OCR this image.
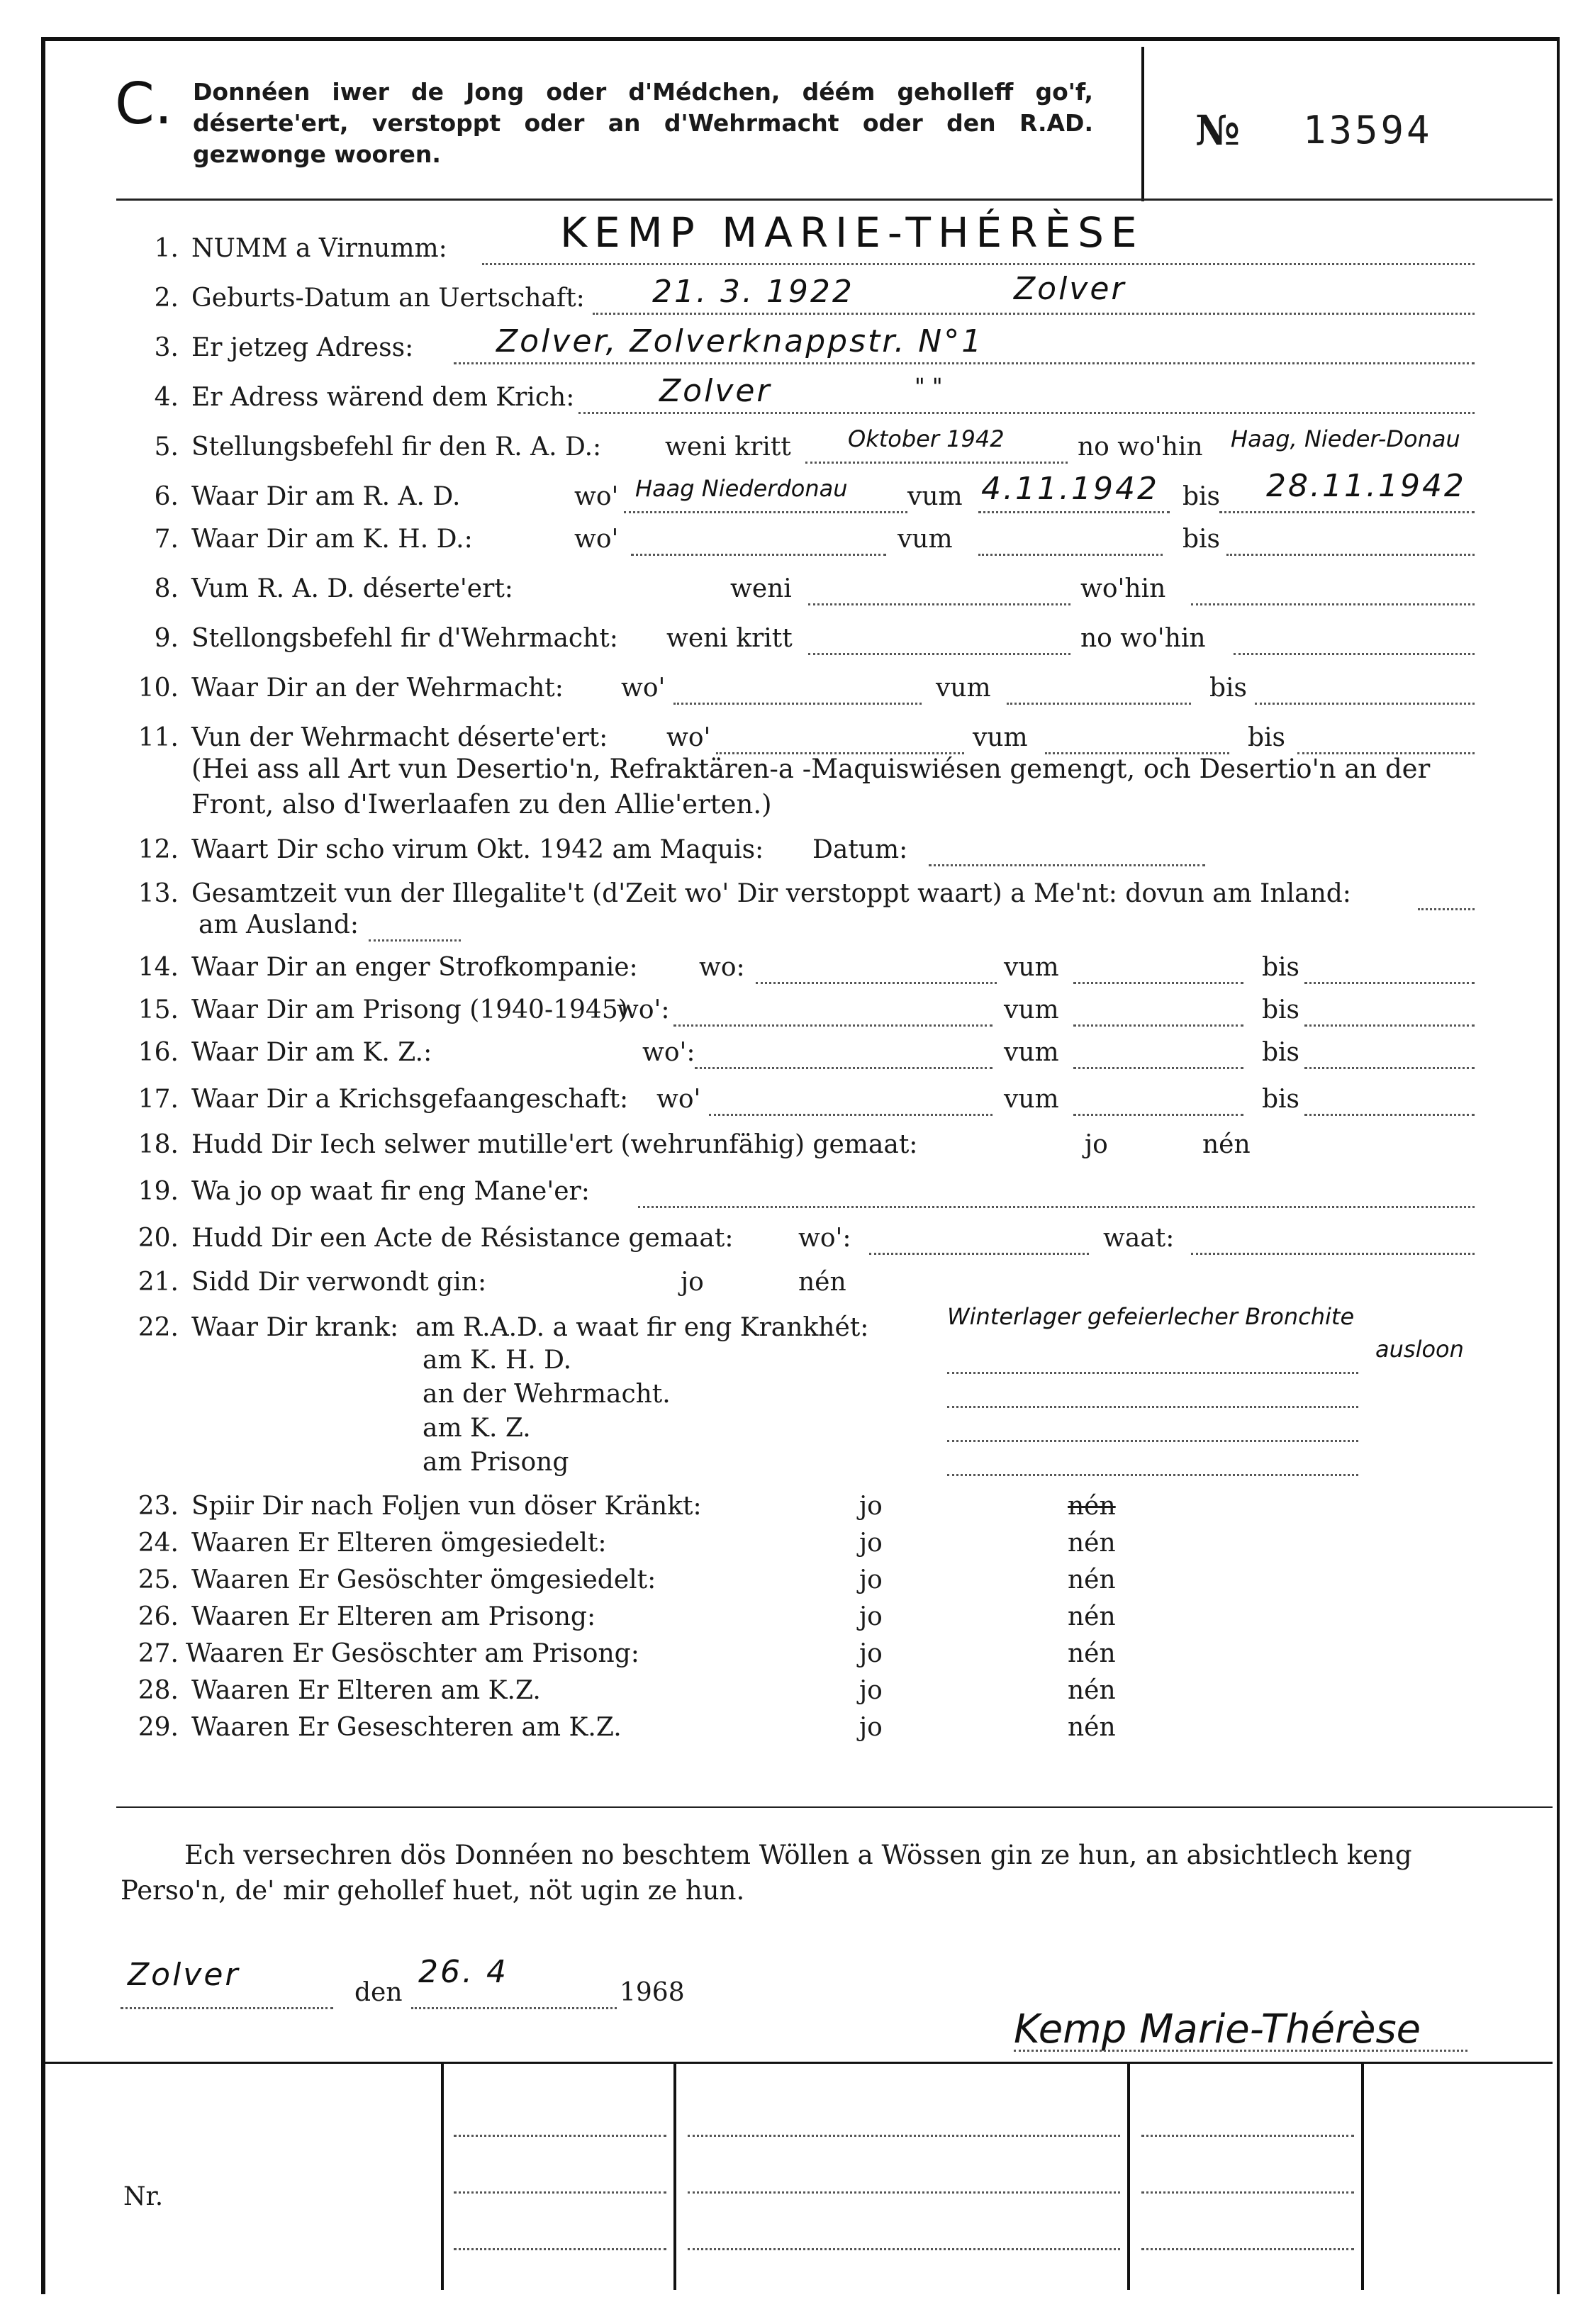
C. Donnéen iwer de Jong oder d'Médchen, déém geholleff go'f, déserte'ert, verstoppt oder an d'Wehrmacht oder den R.AD. gezwonge wooren.	№ 13594
1. NUMM a Virnumm:	KEMP MARIE-THÉRÈSE
2. Geburts-Datum an Uertschaft: 21. 3. 1922	Zolver
3. Er jetzeg Adress:	Zolver, Zolverknappstr. N°1
4. Er Adress wärend dem Krich:	Zolver	" "
5. Stellungsbefehl fir den R. A. D.: weni kritt	Oktober 1942	no wo'hin Haag, Nieder-Donau
6. Waar Dir am R. A. D.	wo' Haag Niederdonau vum 4.11.1942 bis 28.11.1942
7. Waar Dir am K. H. D.:	wo'	vum	bis
8. Vum R. A. D. déserte'ert:	weni	wo'hin
9. Stellongsbefehl fir d'Wehrmacht: weni kritt	no wo'hin
10. Waar Dir an der Wehrmacht: wo'	vum	bis
11. Vun der Wehrmacht déserte'ert: wo'	vum	bis
(Hei ass all Art vun Desertio'n, Refraktären-a -Maquiswiésen gemengt, och Desertio'n an der Front, also d'Iwerlaafen zu den Allie'erten.)
12. Waart Dir scho virum Okt. 1942 am Maquis: Datum:
13. Gesamtzeit vun der Illegalite't (d'Zeit wo' Dir verstoppt waart) a Me'nt: dovun am Inland:
am Ausland:
14. Waar Dir an enger Strofkompanie: wo:	vum	bis
15. Waar Dir am Prisong (1940-1945)
wo':	vum	bis
16. Waar Dir am K. Z.:	wo':	vum	bis
17. Waar Dir a Krichsgefaangeschaft: wo'	vum	bis
18. Hudd Dir Iech selwer mutille'ert (wehrunfähig) gemaat:	jo	nén
19. Wa jo op waat fir eng Mane'er:
20. Hudd Dir een Acte de Résistance gemaat:	wo':	waat:
21. Sidd Dir verwondt gin:	jo	nén
22. Waar Dir krank: am R.A.D. a waat fir eng Krankhét:	Winterlager gefeierlecher Bronchite
ausloon
am K. H. D.
an der Wehrmacht.
am K. Z.
am Prisong
23. Spiir Dir nach Foljen vun döser Kränkt:	jo	nén
24. Waaren Er Elteren ömgesiedelt:	jo	nén
25. Waaren Er Gesöschter ömgesiedelt:	jo	nén
26. Waaren Er Elteren am Prisong:	jo	nén
27. Waaren Er Gesöschter am Prisong:	jo	nén
28. Waaren Er Elteren am K.Z.	jo	nén
29. Waaren Er Geseschteren am K.Z.	jo	nén
Ech versechren dös Donnéen no beschtem Wöllen a Wössen gin ze hun, an absichtlech keng Perso'n, de' mir gehollef huet, nöt ugin ze hun.
Zolver	den
26. 4
1968
Kemp Marie-Thérèse
Nr.
